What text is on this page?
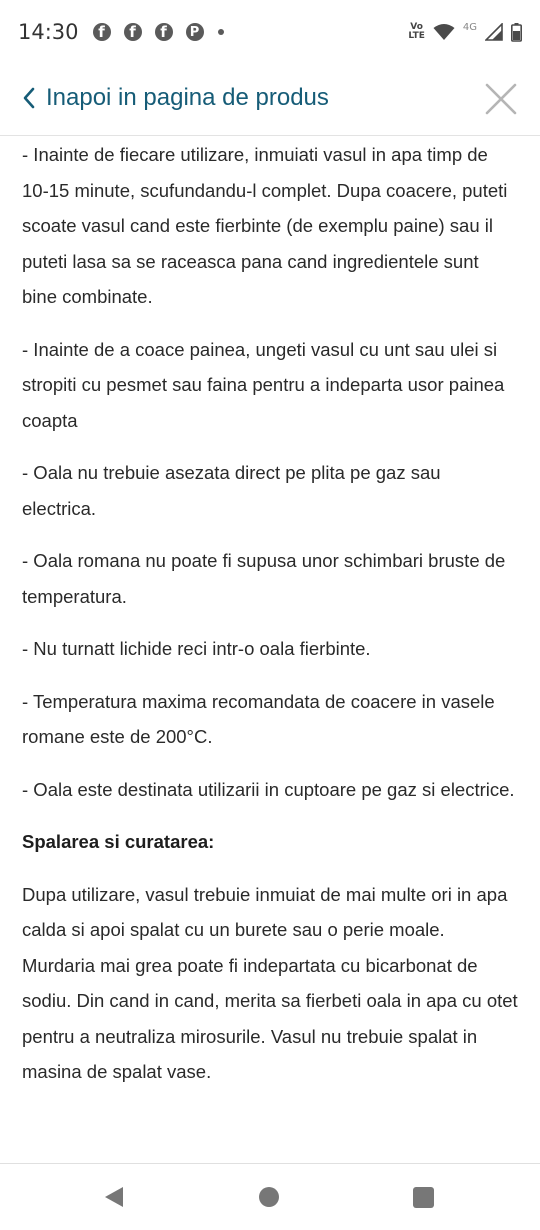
14:30	f	f	f	P	Vo
LTE
4G
Inapoi in pagina de produs

- Inainte de fiecare utilizare, inmuiati vasul in apa timp de 10-15 minute, scufundandu-l complet. Dupa coacere, puteti scoate vasul cand este fierbinte (de exemplu paine) sau il puteti lasa sa se raceasca pana cand ingredientele sunt bine combinate.

- Inainte de a coace painea, ungeti vasul cu unt sau ulei si stropiti cu pesmet sau faina pentru a indeparta usor painea coapta

- Oala nu trebuie asezata direct pe plita pe gaz sau electrica.

- Oala romana nu poate fi supusa unor schimbari bruste de temperatura.

- Nu turnatt lichide reci intr-o oala fierbinte.

- Temperatura maxima recomandata de coacere in vasele romane este de 200°C.

- Oala este destinata utilizarii in cuptoare pe gaz si electrice.

Spalarea si curatarea:

Dupa utilizare, vasul trebuie inmuiat de mai multe ori in apa calda si apoi spalat cu un burete sau o perie moale. Murdaria mai grea poate fi indepartata cu bicarbonat de sodiu. Din cand in cand, merita sa fierbeti oala in apa cu otet pentru a neutraliza mirosurile. Vasul nu trebuie spalat in masina de spalat vase.
